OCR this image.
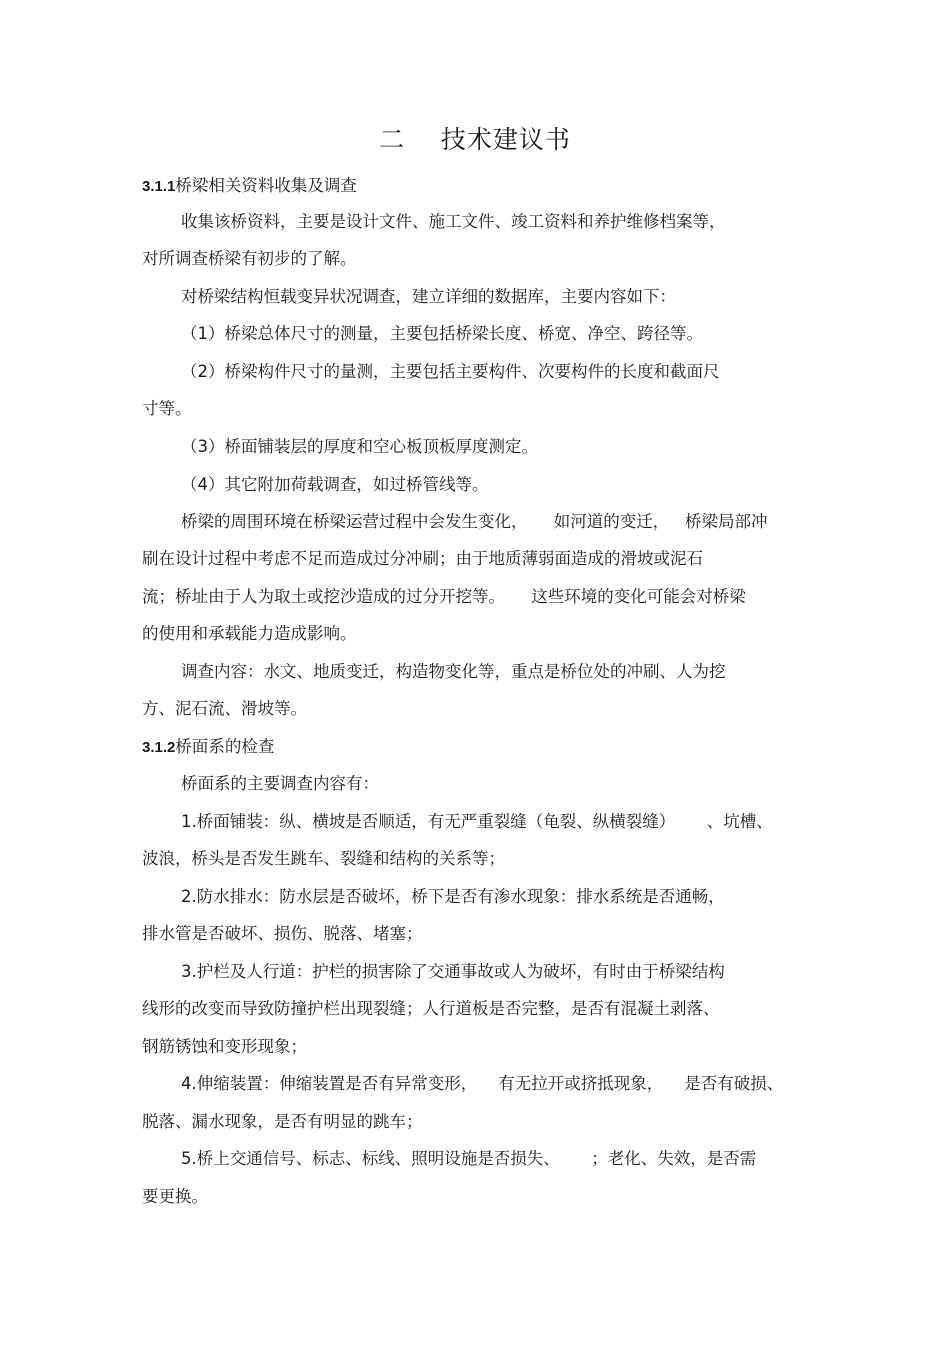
二    技术建议书
3.1.1桥梁相关资料收集及调查
收集该桥资料，主要是设计文件、施工文件、竣工资料和养护维修档案等，
对所调查桥梁有初步的了解。
对桥梁结构恒载变异状况调查，建立详细的数据库，主要内容如下：
（1）桥梁总体尺寸的测量，主要包括桥梁长度、桥宽、净空、跨径等。
（2）桥梁构件尺寸的量测，主要包括主要构件、次要构件的长度和截面尺
寸等。
（3）桥面铺装层的厚度和空心板顶板厚度测定。
（4）其它附加荷载调查，如过桥管线等。
桥梁的周围环境在桥梁运营过程中会发生变化，     如河道的变迁，   桥梁局部冲
刷在设计过程中考虑不足而造成过分冲刷；由于地质薄弱面造成的滑坡或泥石
流；桥址由于人为取土或挖沙造成的过分开挖等。     这些环境的变化可能会对桥梁
的使用和承载能力造成影响。
调查内容：水文、地质变迁，构造物变化等，重点是桥位处的冲刷、人为挖
方、泥石流、滑坡等。
3.1.2桥面系的检查
桥面系的主要调查内容有：
1.桥面铺装：纵、横坡是否顺适，有无严重裂缝（龟裂、纵横裂缝）      、坑槽、
波浪，桥头是否发生跳车、裂缝和结构的关系等；
2.防水排水：防水层是否破坏，桥下是否有渗水现象：排水系统是否通畅，
排水管是否破坏、损伤、脱落、堵塞；
3.护栏及人行道：护栏的损害除了交通事故或人为破坏，有时由于桥梁结构
线形的改变而导致防撞护栏出现裂缝；人行道板是否完整，是否有混凝土剥落、
钢筋锈蚀和变形现象；
4.伸缩装置：伸缩装置是否有异常变形，    有无拉开或挤抵现象，    是否有破损、
脱落、漏水现象，是否有明显的跳车；
5.桥上交通信号、标志、标线、照明设施是否损失、      ；老化、失效，是否需
要更换。
